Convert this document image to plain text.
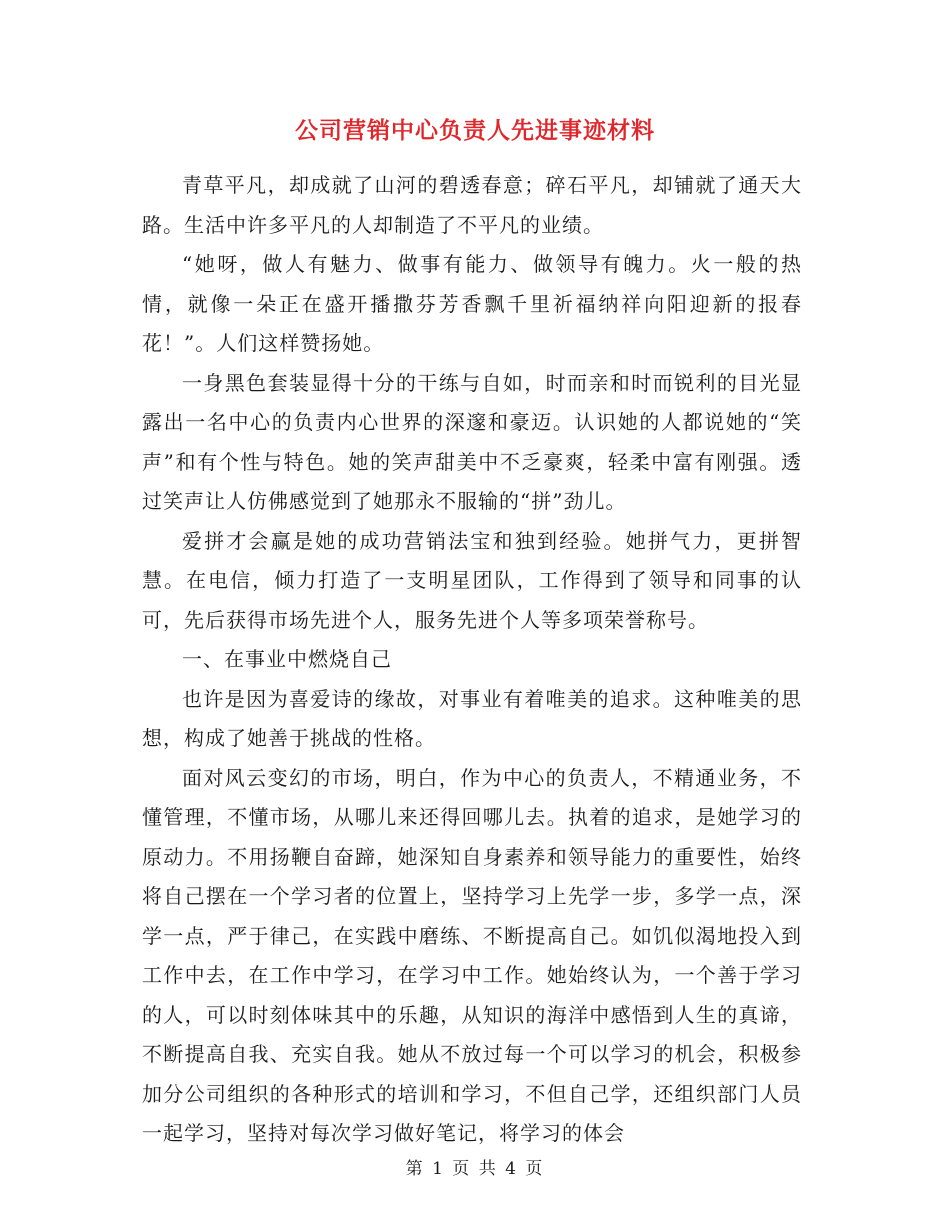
公司营销中心负责人先进事迹材料

青草平凡，却成就了山河的碧透春意；碎石平凡，却铺就了通天大路。生活中许多平凡的人却制造了不平凡的业绩。

“她呀，做人有魅力、做事有能力、做领导有魄力。火一般的热情，就像一朵正在盛开播撒芬芳香飘千里祈福纳祥向阳迎新的报春花！”。人们这样赞扬她。

一身黑色套装显得十分的干练与自如，时而亲和时而锐利的目光显露出一名中心的负责内心世界的深邃和豪迈。认识她的人都说她的“笑声”和有个性与特色。她的笑声甜美中不乏豪爽，轻柔中富有刚强。透过笑声让人仿佛感觉到了她那永不服输的“拼”劲儿。

爱拼才会赢是她的成功营销法宝和独到经验。她拼气力，更拼智慧。在电信，倾力打造了一支明星团队，工作得到了领导和同事的认可，先后获得市场先进个人，服务先进个人等多项荣誉称号。

一、在事业中燃烧自己

也许是因为喜爱诗的缘故，对事业有着唯美的追求。这种唯美的思想，构成了她善于挑战的性格。

面对风云变幻的市场，明白，作为中心的负责人，不精通业务，不懂管理，不懂市场，从哪儿来还得回哪儿去。执着的追求，是她学习的原动力。不用扬鞭自奋蹄，她深知自身素养和领导能力的重要性，始终将自己摆在一个学习者的位置上，坚持学习上先学一步，多学一点，深学一点，严于律己，在实践中磨练、不断提高自己。如饥似渴地投入到工作中去，在工作中学习，在学习中工作。她始终认为，一个善于学习的人，可以时刻体味其中的乐趣，从知识的海洋中感悟到人生的真谛，不断提高自我、充实自我。她从不放过每一个可以学习的机会，积极参加分公司组织的各种形式的培训和学习，不但自己学，还组织部门人员一起学习，坚持对每次学习做好笔记，将学习的体会

第 1 页 共 4 页
